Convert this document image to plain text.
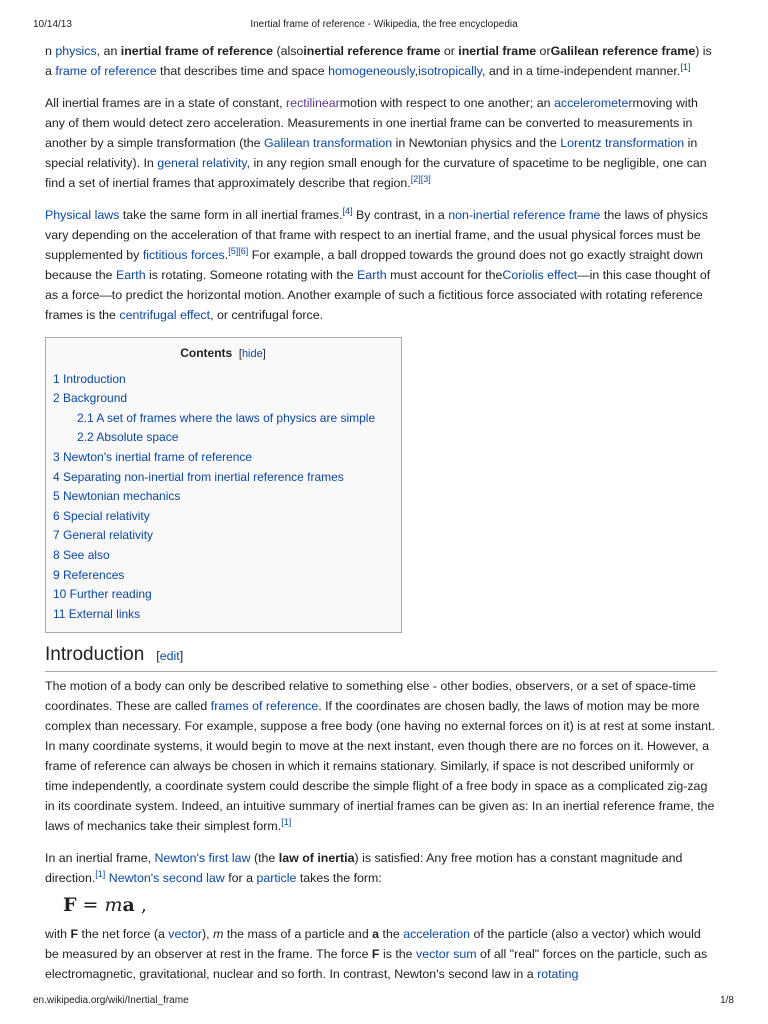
10/14/13	Inertial frame of reference - Wikipedia, the free encyclopedia

n physics, an inertial frame of reference (alsoinertial reference frame or inertial frame orGalilean reference frame) is a frame of reference that describes time and space homogeneously,isotropically, and in a time-independent manner.[1]

All inertial frames are in a state of constant, rectilinearmotion with respect to one another; an accelerometermoving with any of them would detect zero acceleration. Measurements in one inertial frame can be converted to measurements in another by a simple transformation (the Galilean transformation in Newtonian physics and the Lorentz transformation in special relativity). In general relativity, in any region small enough for the curvature of spacetime to be negligible, one can find a set of inertial frames that approximately describe that region.[2][3]

Physical laws take the same form in all inertial frames.[4] By contrast, in a non-inertial reference frame the laws of physics vary depending on the acceleration of that frame with respect to an inertial frame, and the usual physical forces must be supplemented by fictitious forces.[5][6] For example, a ball dropped towards the ground does not go exactly straight down because the Earth is rotating. Someone rotating with the Earth must account for theCoriolis effect—in this case thought of as a force—to predict the horizontal motion. Another example of such a fictitious force associated with rotating reference frames is the centrifugal effect, or centrifugal force.

Contents [hide]
1 Introduction
2 Background
2.1 A set of frames where the laws of physics are simple
2.2 Absolute space
3 Newton's inertial frame of reference
4 Separating non-inertial from inertial reference frames
5 Newtonian mechanics
6 Special relativity
7 General relativity
8 See also
9 References
10 Further reading
11 External links
Introduction [edit]

The motion of a body can only be described relative to something else - other bodies, observers, or a set of space-time coordinates. These are called frames of reference. If the coordinates are chosen badly, the laws of motion may be more complex than necessary. For example, suppose a free body (one having no external forces on it) is at rest at some instant. In many coordinate systems, it would begin to move at the next instant, even though there are no forces on it. However, a frame of reference can always be chosen in which it remains stationary. Similarly, if space is not described uniformly or time independently, a coordinate system could describe the simple flight of a free body in space as a complicated zig-zag in its coordinate system. Indeed, an intuitive summary of inertial frames can be given as: In an inertial reference frame, the laws of mechanics take their simplest form.[1]

In an inertial frame, Newton's first law (the law of inertia) is satisfied: Any free motion has a constant magnitude and direction.[1] Newton's second law for a particle takes the form:

F = ma ,

with F the net force (a vector), m the mass of a particle and a the acceleration of the particle (also a vector) which would be measured by an observer at rest in the frame. The force F is the vector sum of all "real" forces on the particle, such as electromagnetic, gravitational, nuclear and so forth. In contrast, Newton's second law in a rotating

en.wikipedia.org/wiki/Inertial_frame	1/8
